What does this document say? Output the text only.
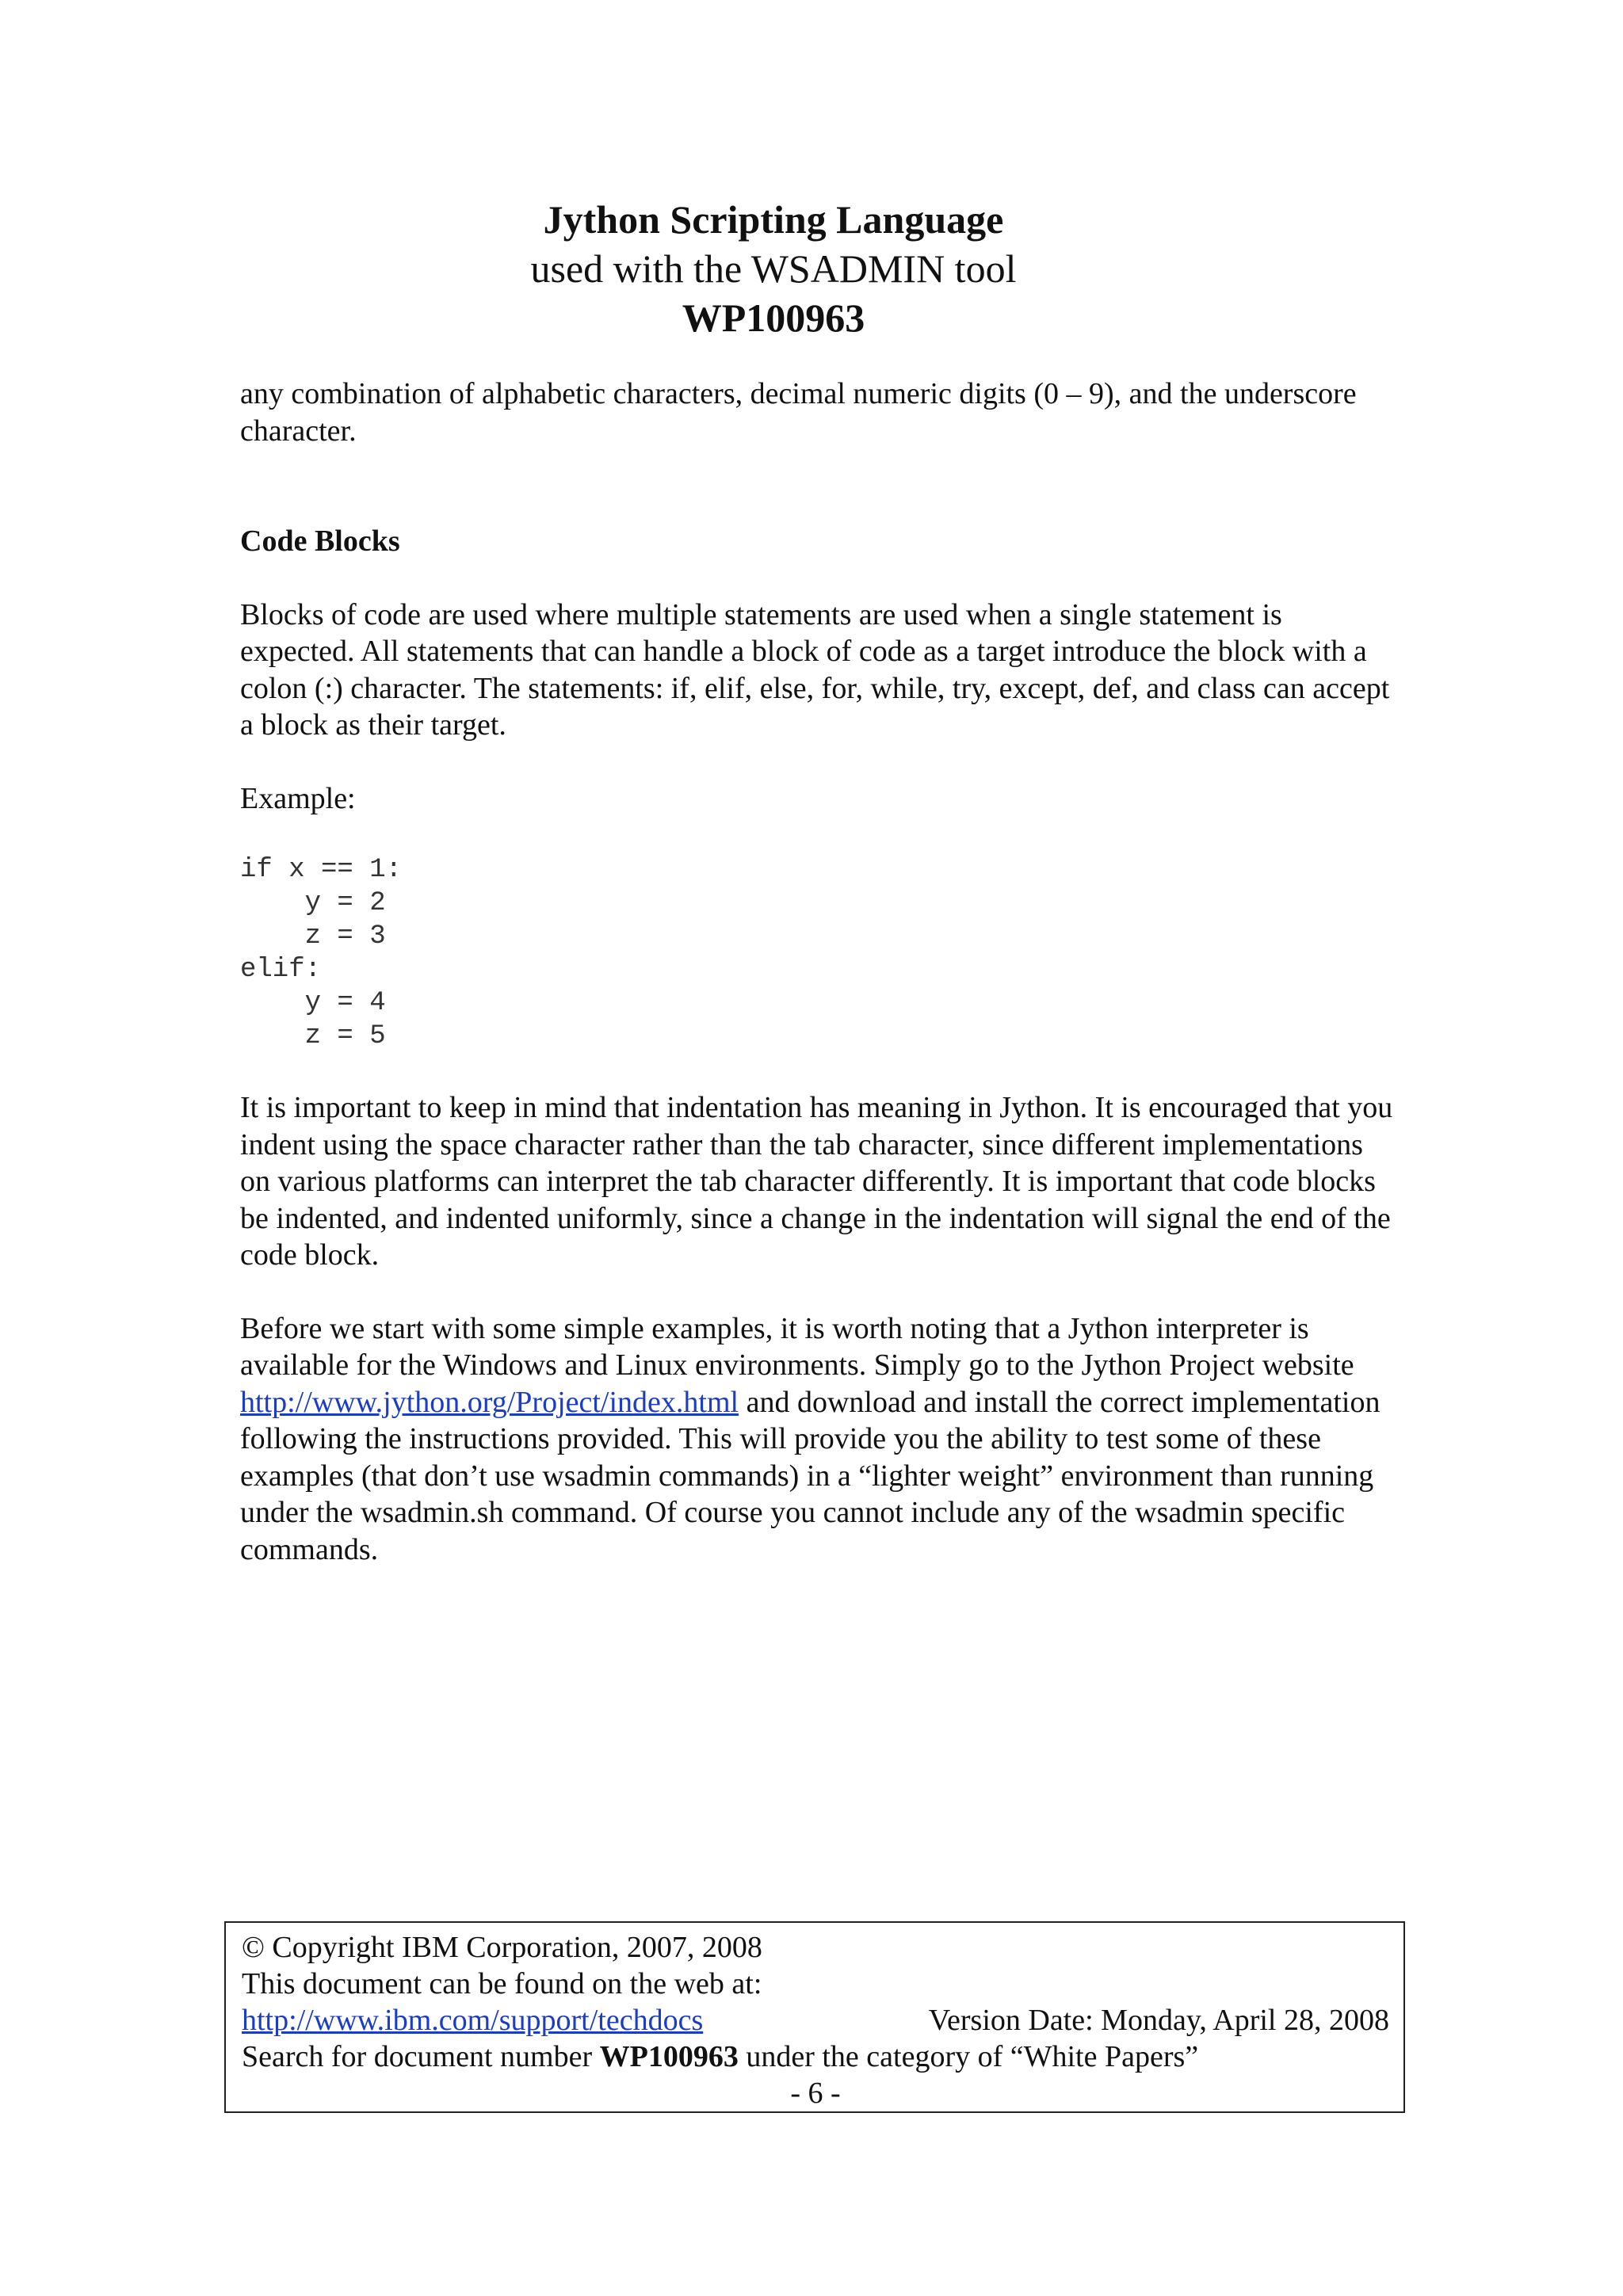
Jython Scripting Language
used with the WSADMIN tool
WP100963

any combination of alphabetic characters, decimal numeric digits (0 – 9), and the underscore character.

Code Blocks

Blocks of code are used where multiple statements are used when a single statement is expected. All statements that can handle a block of code as a target introduce the block with a colon (:) character. The statements: if, elif, else, for, while, try, except, def, and class can accept a block as their target.

Example:

if x == 1:
y = 2
z = 3
elif:
y = 4
z = 5

It is important to keep in mind that indentation has meaning in Jython. It is encouraged that you indent using the space character rather than the tab character, since different implementations on various platforms can interpret the tab character differently. It is important that code blocks be indented, and indented uniformly, since a change in the indentation will signal the end of the code block.

Before we start with some simple examples, it is worth noting that a Jython interpreter is available for the Windows and Linux environments. Simply go to the Jython Project website http://www.jython.org/Project/index.html and download and install the correct implementation following the instructions provided. This will provide you the ability to test some of these examples (that don’t use wsadmin commands) in a “lighter weight” environment than running under the wsadmin.sh command. Of course you cannot include any of the wsadmin specific commands.

© Copyright IBM Corporation, 2007, 2008
This document can be found on the web at:
http://www.ibm.com/support/techdocs	Version Date: Monday, April 28, 2008
Search for document number WP100963 under the category of “White Papers”
- 6 -
